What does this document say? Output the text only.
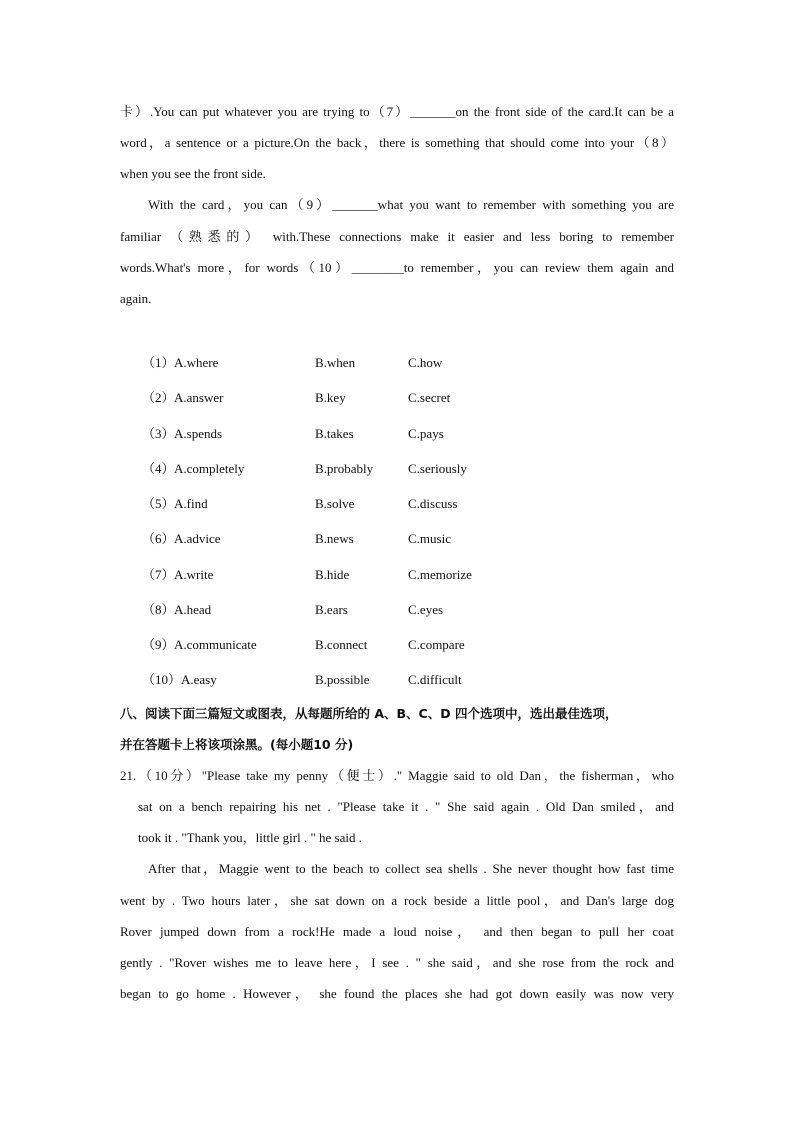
卡）.You can put whatever you are trying to（7）_______on the front side of the card.It can be a
word，a sentence or a picture.On the back，there is something that should come into your（8）
when you see the front side.
With the card，you can（9）_______what you want to remember with something you are
familiar （熟悉的） with.These connections make it easier and less boring to remember
words.What's more，for words（10）________to remember，you can review them again and
again.
（1） A.where	B.when	C.how
（2） A.answer	B.key	C.secret
（3） A.spends	B.takes	C.pays
（4） A.completely	B.probably	C.seriously
（5） A.find	B.solve	C.discuss
（6） A.advice	B.news	C.music
（7） A.write	B.hide	C.memorize
（8） A.head	B.ears	C.eyes
（9） A.communicate	B.connect	C.compare
（10） A.easy	B.possible	C.difficult
八、阅读下面三篇短文或图表，从每题所给的 A、B、C、D 四个选项中，选出最佳选项，
并在答题卡上将该项涂黑。(每小题10 分)
21.（10分）"Please take my penny（便士）." Maggie said to old Dan，the fisherman，who
sat on a bench repairing his net . "Please take it . " She said again . Old Dan smiled，and
took it . "Thank you，little girl . " he said .
After that，Maggie went to the beach to collect sea shells . She never thought how fast time
went by . Two hours later，she sat down on a rock beside a little pool，and Dan's large dog
Rover jumped down from a rock!He made a loud noise， and then began to pull her coat
gently . "Rover wishes me to leave here，I see . " she said，and she rose from the rock and
began to go home . However， she found the places she had got down easily was now very
